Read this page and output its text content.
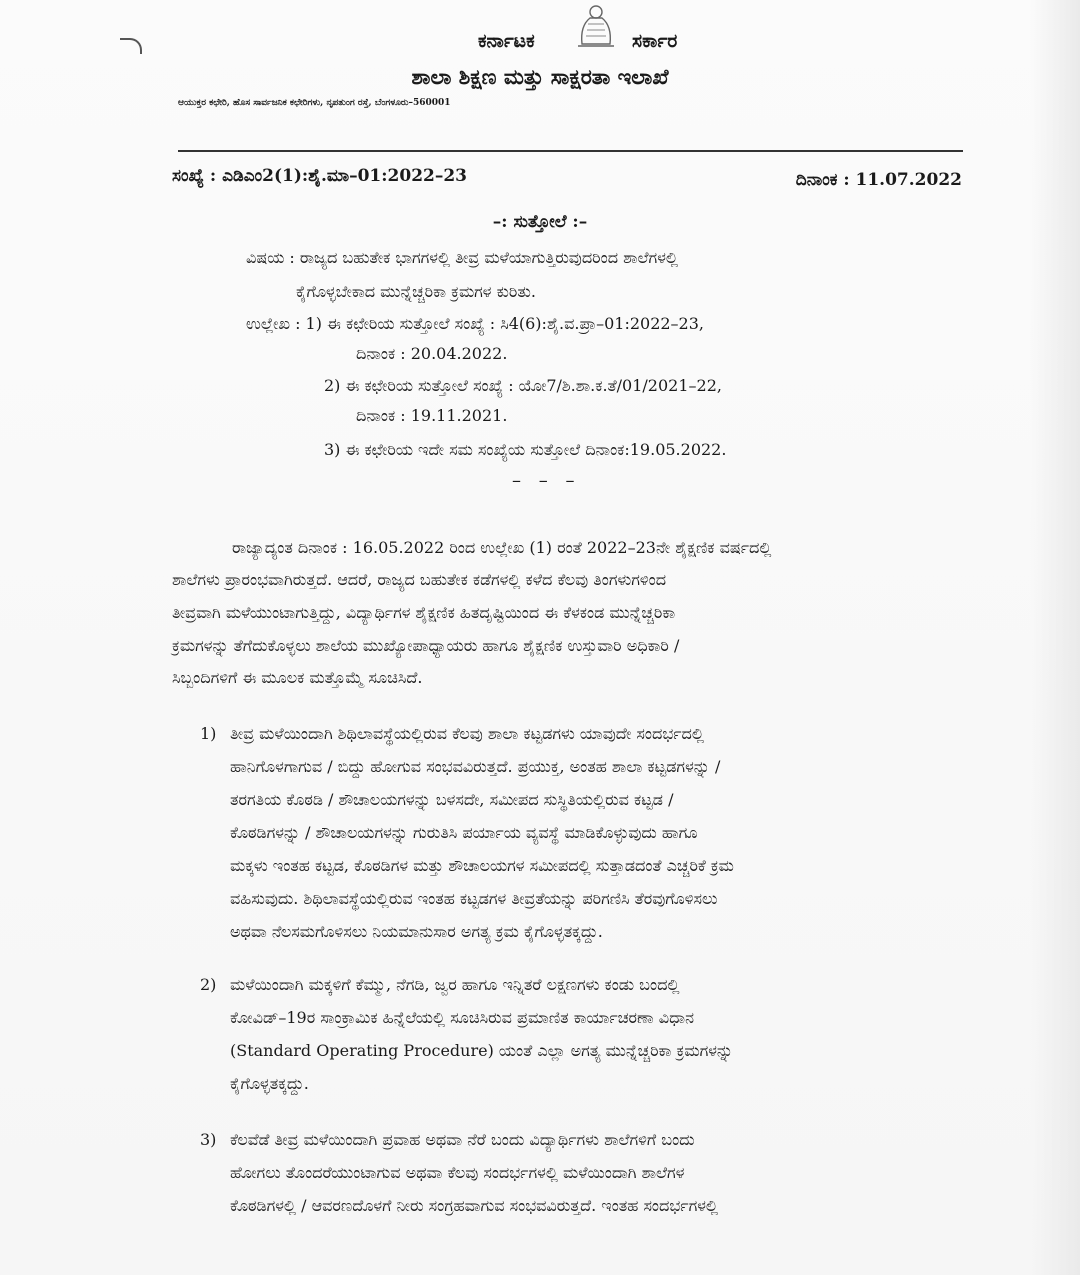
ಕರ್ನಾಟಕ	ಸರ್ಕಾರ
ಶಾಲಾ ಶಿಕ್ಷಣ ಮತ್ತು ಸಾಕ್ಷರತಾ ಇಲಾಖೆ
ಆಯುಕ್ತರ ಕಛೇರಿ, ಹೊಸ ಸಾರ್ವಜನಿಕ ಕಛೇರಿಗಳು, ನೃಪತುಂಗ ರಸ್ತೆ, ಬೆಂಗಳೂರು–560001
ಸಂಖ್ಯೆ : ಎಡಿಎಂ2(1):ಶೈ.ಮಾ–01:2022–23	ದಿನಾಂಕ : 11.07.2022
–: ಸುತ್ತೋಲೆ :–
ವಿಷಯ : ರಾಜ್ಯದ ಬಹುತೇಕ ಭಾಗಗಳಲ್ಲಿ ತೀವ್ರ ಮಳೆಯಾಗುತ್ತಿರುವುದರಿಂದ ಶಾಲೆಗಳಲ್ಲಿ
ಕೈಗೊಳ್ಳಬೇಕಾದ ಮುನ್ನೆಚ್ಚರಿಕಾ ಕ್ರಮಗಳ ಕುರಿತು.
ಉಲ್ಲೇಖ : 1) ಈ ಕಛೇರಿಯ ಸುತ್ತೋಲೆ ಸಂಖ್ಯೆ : ಸಿ4(6):ಶೈ.ವ.ಪ್ರಾ–01:2022–23,
ದಿನಾಂಕ : 20.04.2022.
2) ಈ ಕಛೇರಿಯ ಸುತ್ತೋಲೆ ಸಂಖ್ಯೆ : ಯೋ7/ಶಿ.ಶಾ.ಕ.ತೆ/01/2021–22,
ದಿನಾಂಕ : 19.11.2021.
3) ಈ ಕಛೇರಿಯ ಇದೇ ಸಮ ಸಂಖ್ಯೆಯ ಸುತ್ತೋಲೆ ದಿನಾಂಕ:19.05.2022.
– – –
ರಾಜ್ಯಾದ್ಯಂತ ದಿನಾಂಕ : 16.05.2022 ರಿಂದ ಉಲ್ಲೇಖ (1) ರಂತೆ 2022–23ನೇ ಶೈಕ್ಷಣಿಕ ವರ್ಷದಲ್ಲಿ
ಶಾಲೆಗಳು ಪ್ರಾರಂಭವಾಗಿರುತ್ತದೆ. ಆದರೆ, ರಾಜ್ಯದ ಬಹುತೇಕ ಕಡೆಗಳಲ್ಲಿ ಕಳೆದ ಕೆಲವು ತಿಂಗಳುಗಳಿಂದ
ತೀವ್ರವಾಗಿ ಮಳೆಯುಂಟಾಗುತ್ತಿದ್ದು, ವಿದ್ಯಾರ್ಥಿಗಳ ಶೈಕ್ಷಣಿಕ ಹಿತದೃಷ್ಟಿಯಿಂದ ಈ ಕೆಳಕಂಡ ಮುನ್ನೆಚ್ಚರಿಕಾ
ಕ್ರಮಗಳನ್ನು ತೆಗೆದುಕೊಳ್ಳಲು ಶಾಲೆಯ ಮುಖ್ಯೋಪಾಧ್ಯಾಯರು ಹಾಗೂ ಶೈಕ್ಷಣಿಕ ಉಸ್ತುವಾರಿ ಅಧಿಕಾರಿ /
ಸಿಬ್ಬಂದಿಗಳಿಗೆ ಈ ಮೂಲಕ ಮತ್ತೊಮ್ಮೆ ಸೂಚಿಸಿದೆ.
1) ತೀವ್ರ ಮಳೆಯಿಂದಾಗಿ ಶಿಥಿಲಾವಸ್ಥೆಯಲ್ಲಿರುವ ಕೆಲವು ಶಾಲಾ ಕಟ್ಟಡಗಳು ಯಾವುದೇ ಸಂದರ್ಭದಲ್ಲಿ
ಹಾನಿಗೊಳಗಾಗುವ / ಬಿದ್ದು ಹೋಗುವ ಸಂಭವವಿರುತ್ತದೆ. ಪ್ರಯುಕ್ತ, ಅಂತಹ ಶಾಲಾ ಕಟ್ಟಡಗಳನ್ನು /
ತರಗತಿಯ ಕೊಠಡಿ / ಶೌಚಾಲಯಗಳನ್ನು ಬಳಸದೇ, ಸಮೀಪದ ಸುಸ್ಥಿತಿಯಲ್ಲಿರುವ ಕಟ್ಟಡ /
ಕೊಠಡಿಗಳನ್ನು / ಶೌಚಾಲಯಗಳನ್ನು ಗುರುತಿಸಿ ಪರ್ಯಾಯ ವ್ಯವಸ್ಥೆ ಮಾಡಿಕೊಳ್ಳುವುದು ಹಾಗೂ
ಮಕ್ಕಳು ಇಂತಹ ಕಟ್ಟಡ, ಕೊಠಡಿಗಳ ಮತ್ತು ಶೌಚಾಲಯಗಳ ಸಮೀಪದಲ್ಲಿ ಸುತ್ತಾಡದಂತೆ ಎಚ್ಚರಿಕೆ ಕ್ರಮ
ವಹಿಸುವುದು. ಶಿಥಿಲಾವಸ್ಥೆಯಲ್ಲಿರುವ ಇಂತಹ ಕಟ್ಟಡಗಳ ತೀವ್ರತೆಯನ್ನು ಪರಿಗಣಿಸಿ ತೆರವುಗೊಳಿಸಲು
ಅಥವಾ ನೆಲಸಮಗೊಳಿಸಲು ನಿಯಮಾನುಸಾರ ಅಗತ್ಯ ಕ್ರಮ ಕೈಗೊಳ್ಳತಕ್ಕದ್ದು.
2) ಮಳೆಯಿಂದಾಗಿ ಮಕ್ಕಳಿಗೆ ಕೆಮ್ಮು, ನೆಗಡಿ, ಜ್ವರ ಹಾಗೂ ಇನ್ನಿತರೆ ಲಕ್ಷಣಗಳು ಕಂಡು ಬಂದಲ್ಲಿ
ಕೋವಿಡ್–19ರ ಸಾಂಕ್ರಾಮಿಕ ಹಿನ್ನೆಲೆಯಲ್ಲಿ ಸೂಚಿಸಿರುವ ಪ್ರಮಾಣಿತ ಕಾರ್ಯಾಚರಣಾ ವಿಧಾನ
(Standard Operating Procedure) ಯಂತೆ ಎಲ್ಲಾ ಅಗತ್ಯ ಮುನ್ನೆಚ್ಚರಿಕಾ ಕ್ರಮಗಳನ್ನು
ಕೈಗೊಳ್ಳತಕ್ಕದ್ದು.
3) ಕೆಲವೆಡೆ ತೀವ್ರ ಮಳೆಯಿಂದಾಗಿ ಪ್ರವಾಹ ಅಥವಾ ನೆರೆ ಬಂದು ವಿದ್ಯಾರ್ಥಿಗಳು ಶಾಲೆಗಳಿಗೆ ಬಂದು
ಹೋಗಲು ತೊಂದರೆಯುಂಟಾಗುವ ಅಥವಾ ಕೆಲವು ಸಂದರ್ಭಗಳಲ್ಲಿ ಮಳೆಯಿಂದಾಗಿ ಶಾಲೆಗಳ
ಕೊಠಡಿಗಳಲ್ಲಿ / ಆವರಣದೊಳಗೆ ನೀರು ಸಂಗ್ರಹವಾಗುವ ಸಂಭವವಿರುತ್ತದೆ. ಇಂತಹ ಸಂದರ್ಭಗಳಲ್ಲಿ
